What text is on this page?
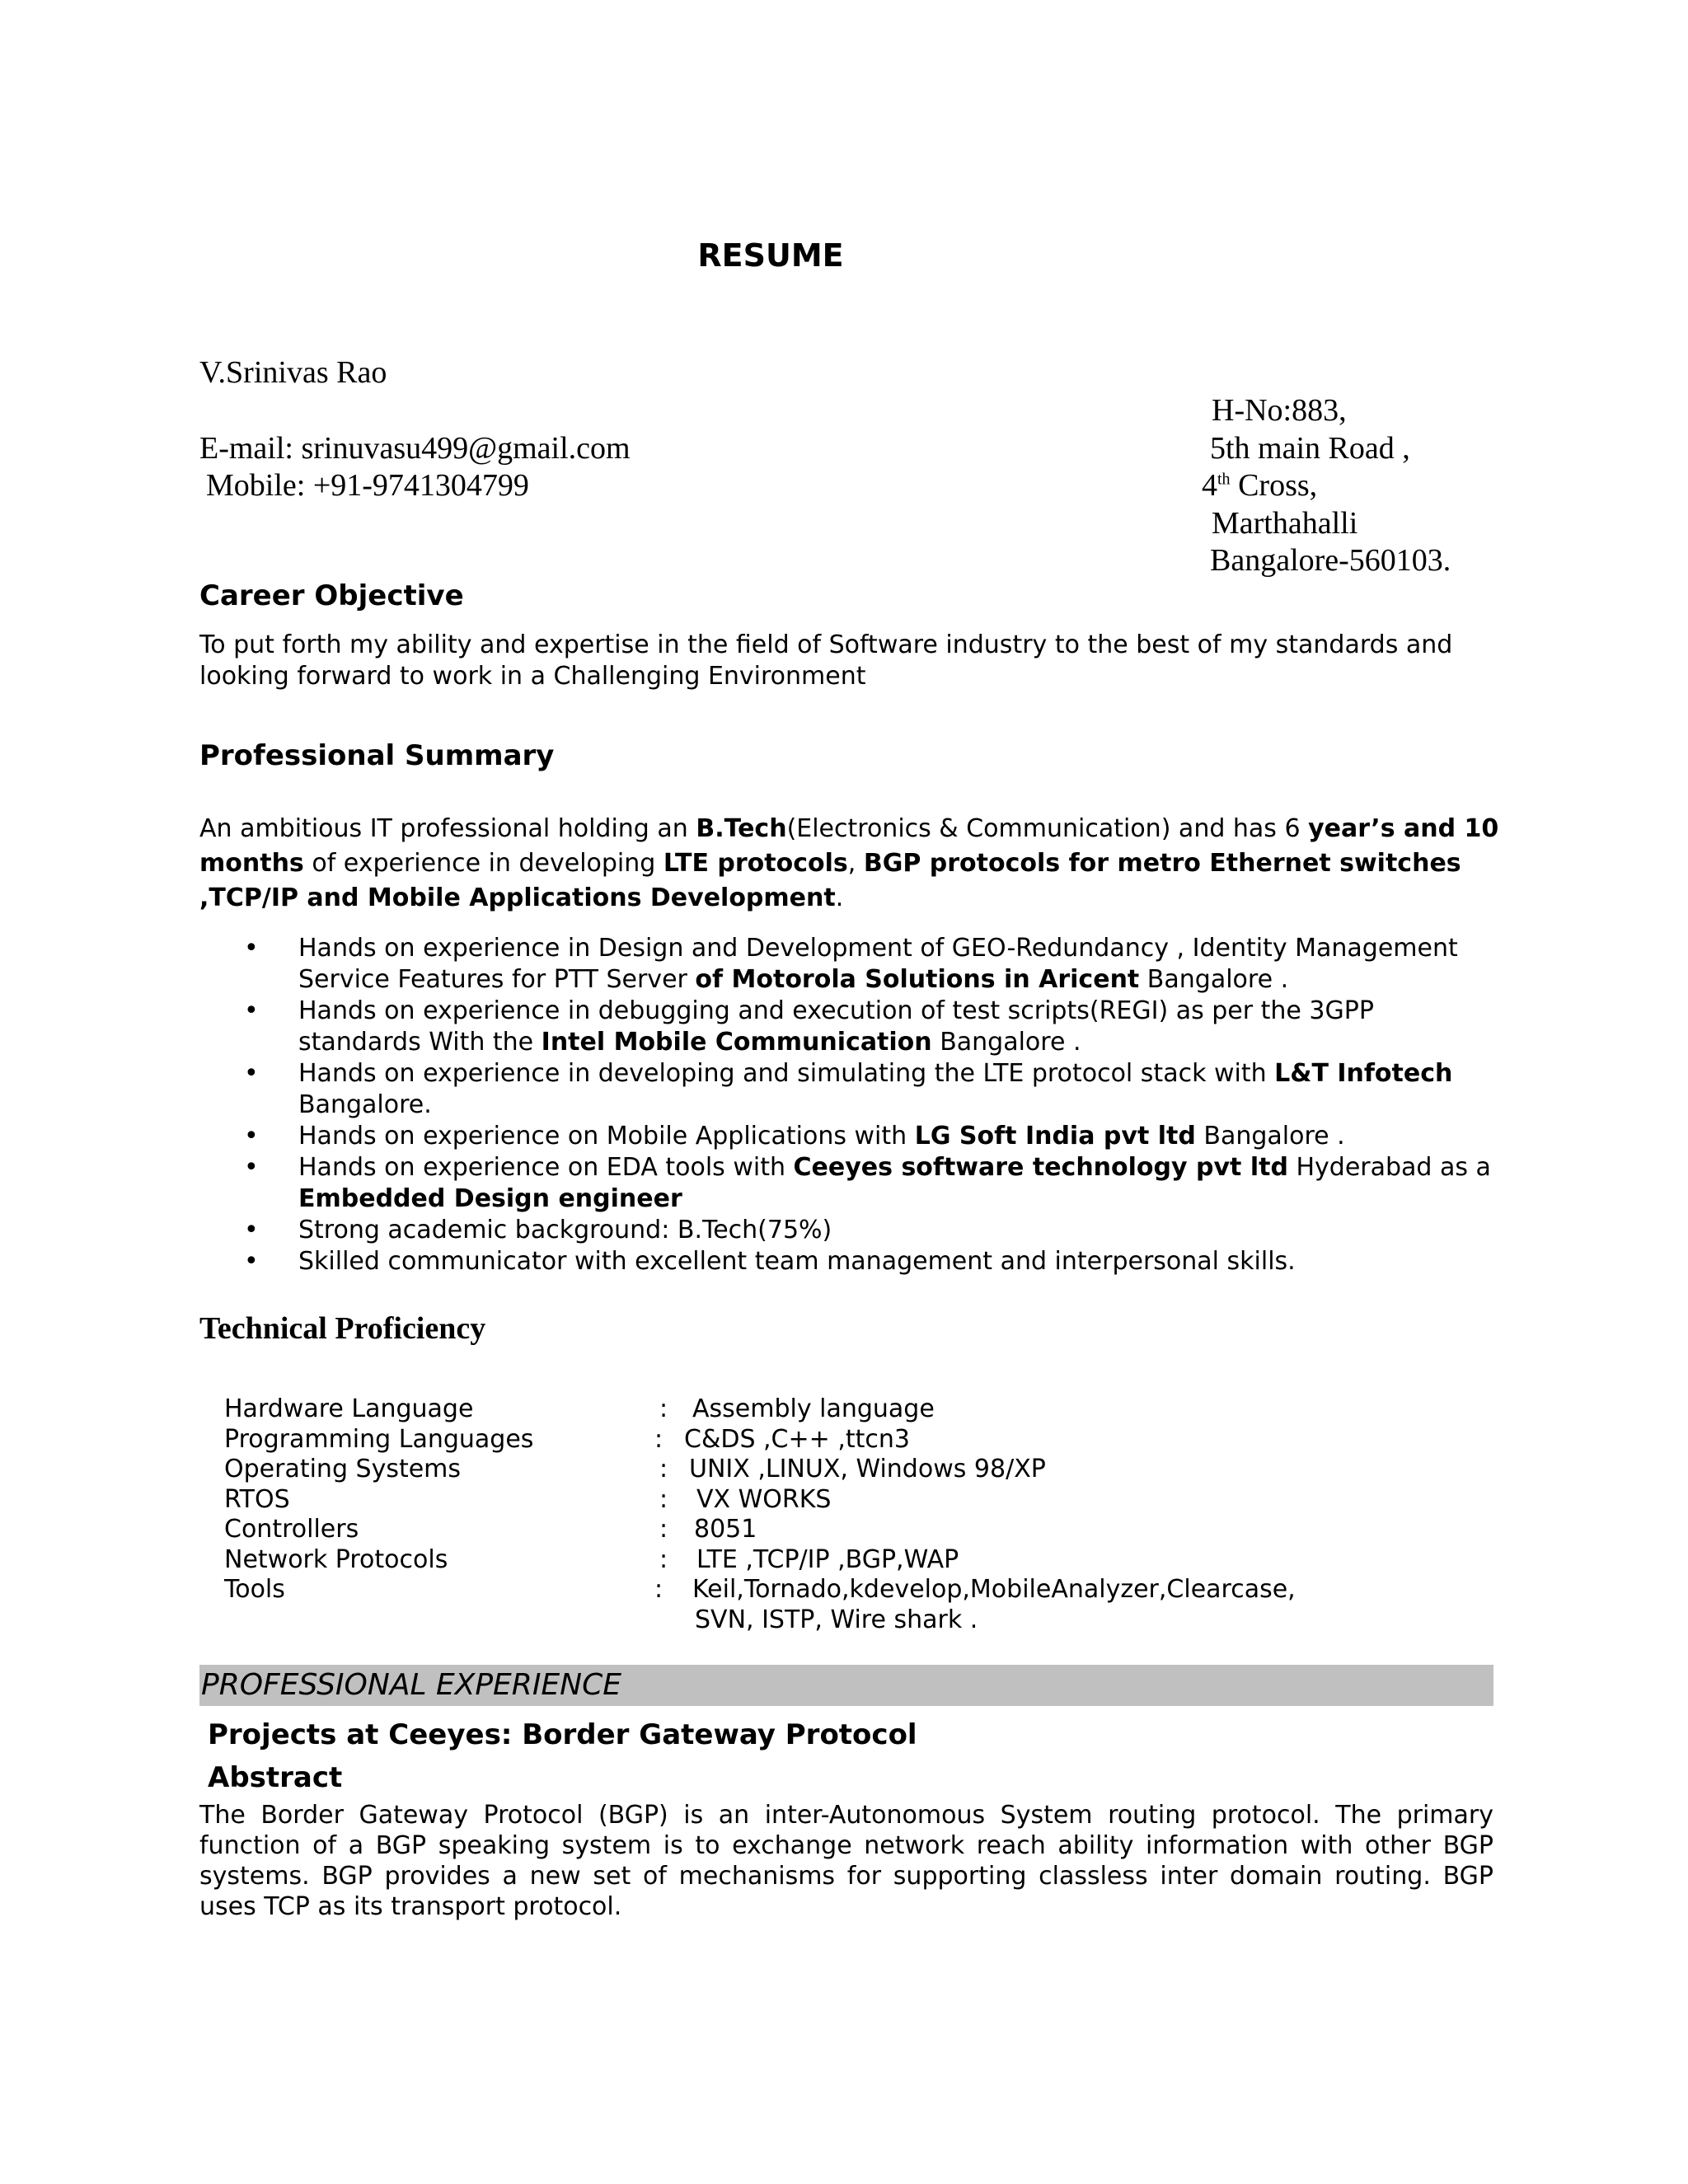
RESUME
V.Srinivas Rao
E-mail: srinuvasu499@gmail.com
Mobile: +91-9741304799
H-No:883,
5th main Road ,
4th Cross,
Marthahalli
Bangalore-560103.
Career Objective
To put forth my ability and expertise in the field of Software industry to the best of my standards and looking forward to work in a Challenging Environment
Professional Summary
An ambitious IT professional holding an B.Tech(Electronics & Communication) and has 6 year’s and 10 months of experience in developing LTE protocols, BGP protocols for metro Ethernet switches ,TCP/IP and Mobile Applications Development.
• Hands on experience in Design and Development of GEO-Redundancy , Identity Management Service Features for PTT Server of Motorola Solutions in Aricent Bangalore .
• Hands on experience in debugging and execution of test scripts(REGI) as per the 3GPP standards With the Intel Mobile Communication Bangalore .
• Hands on experience in developing and simulating the LTE protocol stack with L&T Infotech Bangalore.
• Hands on experience on Mobile Applications with LG Soft India pvt ltd Bangalore .
• Hands on experience on EDA tools with Ceeyes software technology pvt ltd Hyderabad as a Embedded Design engineer
• Strong academic background: B.Tech(75%)
• Skilled communicator with excellent team management and interpersonal skills.
Technical Proficiency
Hardware Language	: Assembly language
Programming Languages	: C&DS ,C++ ,ttcn3
Operating Systems	: UNIX ,LINUX, Windows 98/XP
RTOS	: VX WORKS
Controllers	: 8051
Network Protocols	: LTE ,TCP/IP ,BGP,WAP
Tools	: Keil,Tornado,kdevelop,MobileAnalyzer,Clearcase,
SVN, ISTP, Wire shark .
PROFESSIONAL EXPERIENCE
Projects at Ceeyes: Border Gateway Protocol
Abstract
The Border Gateway Protocol (BGP) is an inter-Autonomous System routing protocol. The primary function of a BGP speaking system is to exchange network reach ability information with other BGP systems. BGP provides a new set of mechanisms for supporting classless inter domain routing. BGP uses TCP as its transport protocol.
